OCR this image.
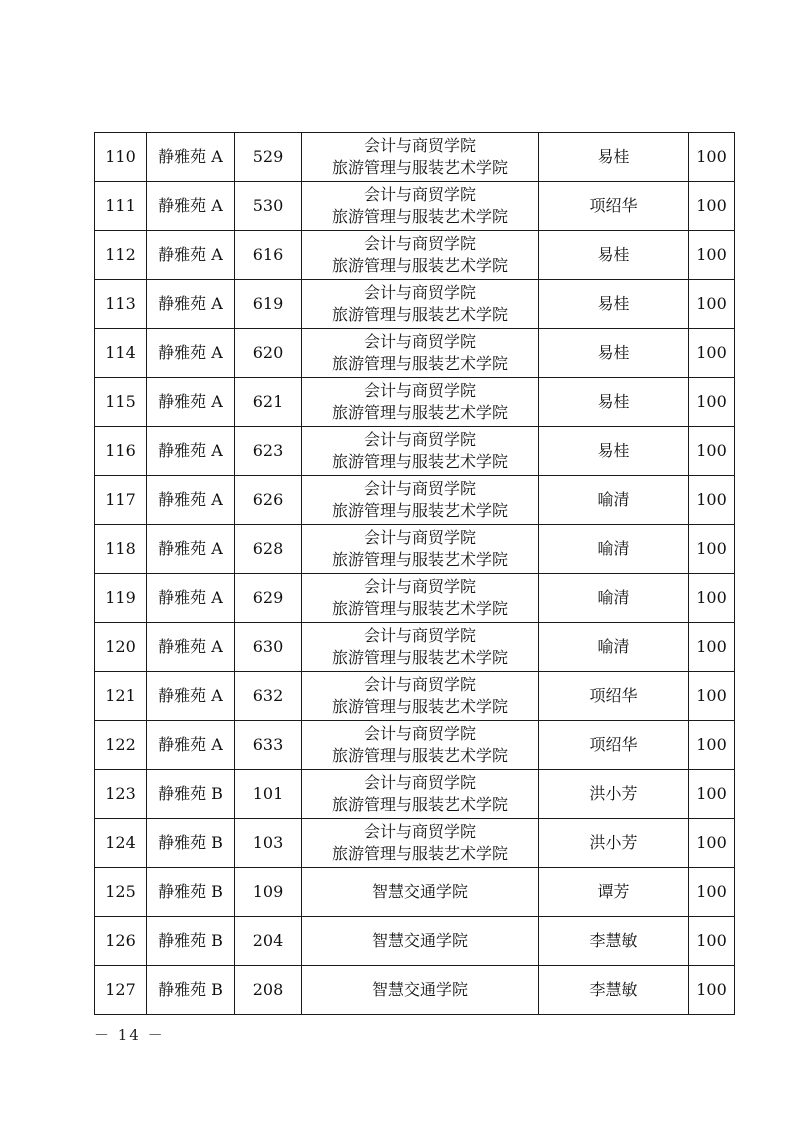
110	静雅苑 A	529	会计与商贸学院
旅游管理与服装艺术学院	易桂	100
111	静雅苑 A	530	会计与商贸学院
旅游管理与服装艺术学院	项绍华	100
112	静雅苑 A	616	会计与商贸学院
旅游管理与服装艺术学院	易桂	100
113	静雅苑 A	619	会计与商贸学院
旅游管理与服装艺术学院	易桂	100
114	静雅苑 A	620	会计与商贸学院
旅游管理与服装艺术学院	易桂	100
115	静雅苑 A	621	会计与商贸学院
旅游管理与服装艺术学院	易桂	100
116	静雅苑 A	623	会计与商贸学院
旅游管理与服装艺术学院	易桂	100
117	静雅苑 A	626	会计与商贸学院
旅游管理与服装艺术学院	喻清	100
118	静雅苑 A	628	会计与商贸学院
旅游管理与服装艺术学院	喻清	100
119	静雅苑 A	629	会计与商贸学院
旅游管理与服装艺术学院	喻清	100
120	静雅苑 A	630	会计与商贸学院
旅游管理与服装艺术学院	喻清	100
121	静雅苑 A	632	会计与商贸学院
旅游管理与服装艺术学院	项绍华	100
122	静雅苑 A	633	会计与商贸学院
旅游管理与服装艺术学院	项绍华	100
123	静雅苑 B	101	会计与商贸学院
旅游管理与服装艺术学院	洪小芳	100
124	静雅苑 B	103	会计与商贸学院
旅游管理与服装艺术学院	洪小芳	100
125	静雅苑 B	109	智慧交通学院	谭芳	100
126	静雅苑 B	204	智慧交通学院	李慧敏	100
127	静雅苑 B	208	智慧交通学院	李慧敏	100
－ 14 －
